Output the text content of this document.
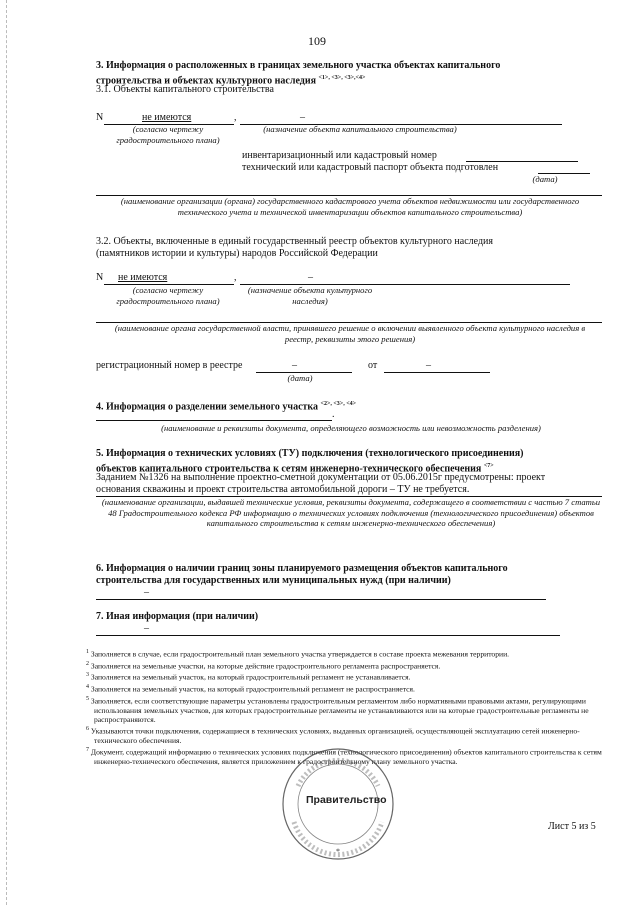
109
3. Информация о расположенных в границах земельного участка объектах капитального
строительства и объектах культурного наследия $^{<1>, <3>, <3>,<4>}$
3.1. Объекты капитального строительства
N	не имеются	,	–
(согласно чертежу
градостроительного плана)
(назначение объекта капитального строительства)
инвентаризационный или кадастровый номер
технический или кадастровый паспорт объекта подготовлен
(дата)
(наименование организации (органа) государственного кадастрового учета объектов недвижимости или государственного технического учета и технической инвентаризации объектов капитального строительства)
3.2. Объекты, включенные в единый государственный реестр объектов культурного наследия
(памятников истории и культуры) народов Российской Федерации
N не имеются	,	–
(согласно чертежу
градостроительного плана)
(назначение объекта культурного
наследия)
(наименование органа государственной власти, принявшего решение о включении выявленного объекта культурного наследия в реестр, реквизиты этого решения)
регистрационный номер в реестре	–	от	–
(дата)
4. Информация о разделении земельного участка $^{<2>, <3>, <4>}$
.
(наименование и реквизиты документа, определяющего возможность или невозможность разделения)
5. Информация о технических условиях (ТУ) подключения (технологического присоединения)
объектов капитального строительства к сетям инженерно-технического обеспечения $^{<7>}$
Заданием №1326 на выполнение проектно-сметной документации от 05.06.2015г предусмотрены: проект
основания скважины и проект строительства автомобильной дороги – ТУ не требуется.
(наименование организации, выдавшей технические условия, реквизиты документа, содержащего в соответствии с частью 7 статьи 48 Градостроительного кодекса РФ информацию о технических условиях подключения (технологического присоединения) объектов капитального строительства к сетям инженерно-технического обеспечения)
6. Информация о наличии границ зоны планируемого размещения объектов капитального
строительства для государственных или муниципальных нужд (при наличии)
–
7. Иная информация (при наличии)
–
$^1$ Заполняется в случае, если градостроительный план земельного участка утверждается в составе проекта межевания территории.
$^2$ Заполняется на земельные участки, на которые действие градостроительного регламента распространяется.
$^3$ Заполняется на земельный участок, на который градостроительный регламент не устанавливается.
$^4$ Заполняется на земельный участок, на который градостроительный регламент не распространяется.
$^5$ Заполняется, если соответствующие параметры установлены градостроительным регламентом либо нормативными правовыми актами, регулирующими использования земельных участков, для которых градостроительные регламенты не устанавливаются или на которые градостроительные регламенты не распространяются.
$^6$ Указываются точки подключения, содержащиеся в технических условиях, выданных организацией, осуществляющей эксплуатацию сетей инженерно-технического обеспечения.
$^7$ Документ, содержащий информацию о технических условиях подключения (технологического присоединения) объектов капитального строительства к сетям инженерно-технического обеспечения, является приложением к градостроительному плану земельного участка.
*
Правительство
Лист 5 из 5
